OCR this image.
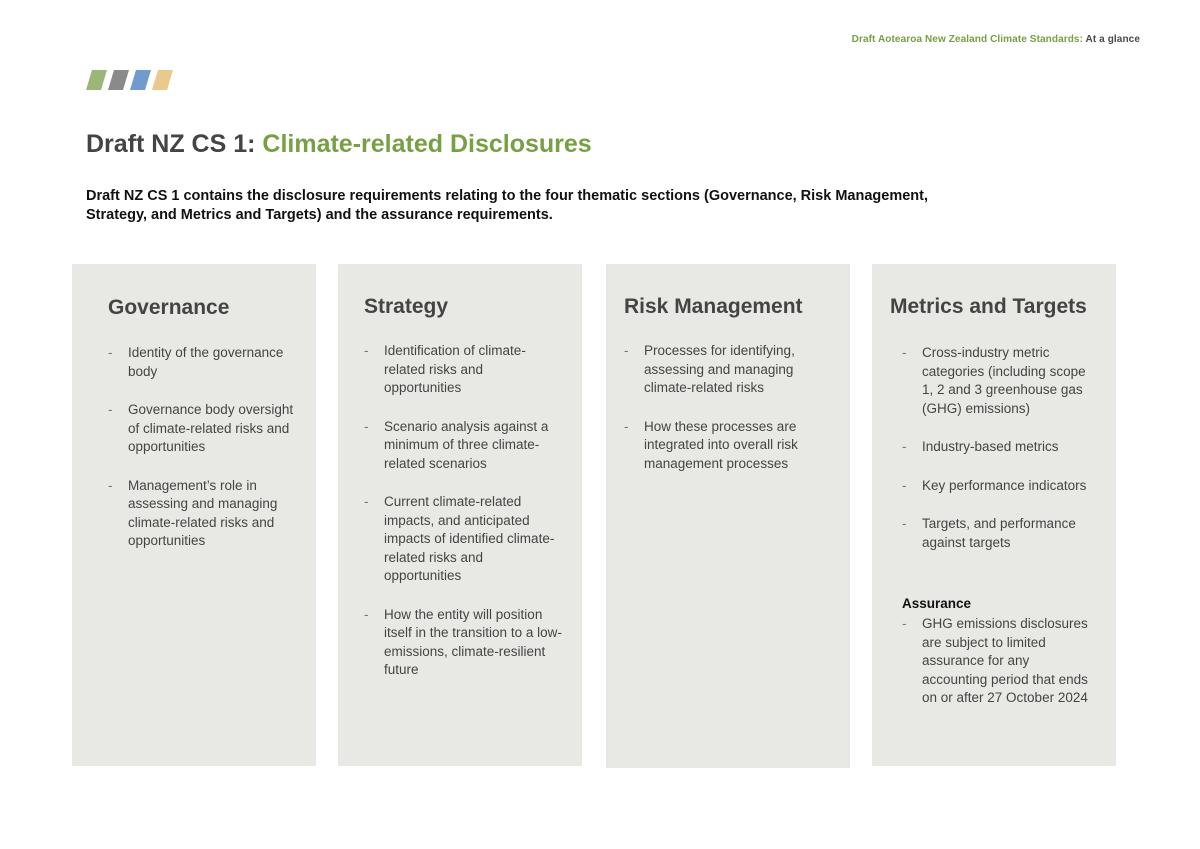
Draft Aotearoa New Zealand Climate Standards: At a glance
Draft NZ CS 1: Climate-related Disclosures

Draft NZ CS 1 contains the disclosure requirements relating to the four thematic sections (Governance, Risk Management, Strategy, and Metrics and Targets) and the assurance requirements.

Governance
- Identity of the governance body
- Governance body oversight of climate-related risks and opportunities
- Management’s role in assessing and managing climate-related risks and opportunities
Strategy
- Identification of climate-related risks and opportunities
- Scenario analysis against a minimum of three climate-related scenarios
- Current climate-related impacts, and anticipated impacts of identified climate-related risks and opportunities
- How the entity will position itself in the transition to a low-emissions, climate-resilient future
Risk Management
- Processes for identifying, assessing and managing climate-related risks
- How these processes are integrated into overall risk management processes
Metrics and Targets
- Cross-industry metric categories (including scope 1, 2 and 3 greenhouse gas (GHG) emissions)
- Industry-based metrics
- Key performance indicators
- Targets, and performance against targets
Assurance
- GHG emissions disclosures are subject to limited assurance for any accounting period that ends on or after 27 October 2024
